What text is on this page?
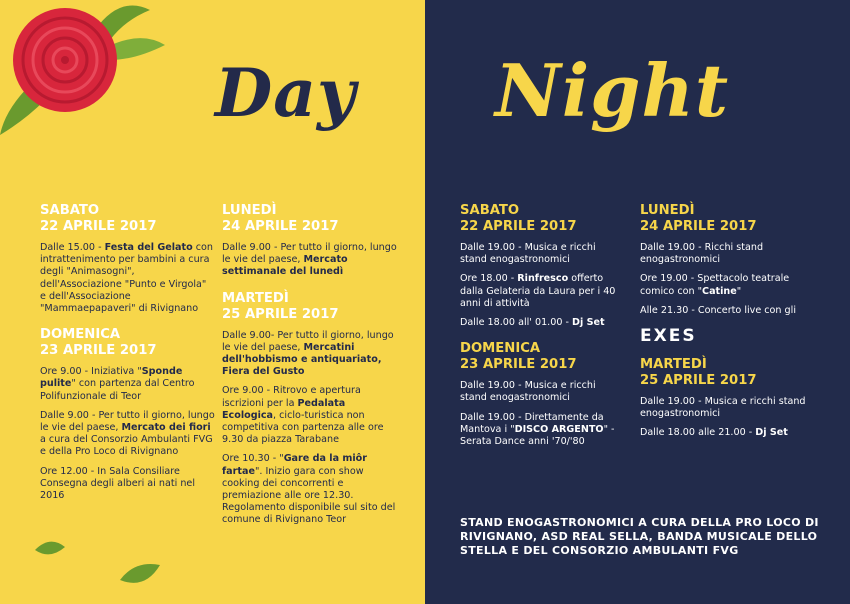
Day
SABATO
22 APRILE 2017
Dalle 15.00 - Festa del Gelato con intrattenimento per bambini a cura degli "Animasogni", dell'Associazione "Punto e Virgola" e dell'Associazione "Mammaepapaveri" di Rivignano
DOMENICA
23 APRILE 2017
Ore 9.00 - Iniziativa "Sponde pulite" con partenza dal Centro Polifunzionale di Teor
Dalle 9.00 - Per tutto il giorno, lungo le vie del paese, Mercato dei fiori a cura del Consorzio Ambulanti FVG e della Pro Loco di Rivignano
Ore 12.00 - In Sala Consiliare Consegna degli alberi ai nati nel 2016
LUNEDÌ
24 APRILE 2017
Dalle 9.00 - Per tutto il giorno, lungo le vie del paese, Mercato settimanale del lunedì
MARTEDÌ
25 APRILE 2017
Dalle 9.00- Per tutto il giorno, lungo le vie del paese, Mercatini dell'hobbismo e antiquariato, Fiera del Gusto
Ore 9.00 - Ritrovo e apertura iscrizioni per la Pedalata Ecologica, ciclo-turistica non competitiva con partenza alle ore 9.30 da piazza Tarabane
Ore 10.30 - "Gare da la miôr fartae". Inizio gara con show cooking dei concorrenti e premiazione alle ore 12.30. Regolamento disponibile sul sito del comune di Rivignano Teor
Night
SABATO
22 APRILE 2017
Dalle 19.00 - Musica e ricchi stand enogastronomici
Ore 18.00 - Rinfresco offerto dalla Gelateria da Laura per i 40 anni di attività
Dalle 18.00 all' 01.00 - Dj Set
DOMENICA
23 APRILE 2017
Dalle 19.00 - Musica e ricchi stand enogastronomici
Dalle 19.00 - Direttamente da Mantova i "DISCO ARGENTO" - Serata Dance anni '70/'80
LUNEDÌ
24 APRILE 2017
Dalle 19.00 - Ricchi stand enogastronomici
Ore 19.00 - Spettacolo teatrale comico con "Catine"
Alle 21.30 - Concerto live con gli
EXES
MARTEDÌ
25 APRILE 2017
Dalle 19.00 - Musica e ricchi stand enogastronomici
Dalle 18.00 alle 21.00 - Dj Set
STAND ENOGASTRONOMICI A CURA DELLA PRO LOCO DI RIVIGNANO, ASD REAL SELLA, BANDA MUSICALE DELLO STELLA E DEL CONSORZIO AMBULANTI FVG
